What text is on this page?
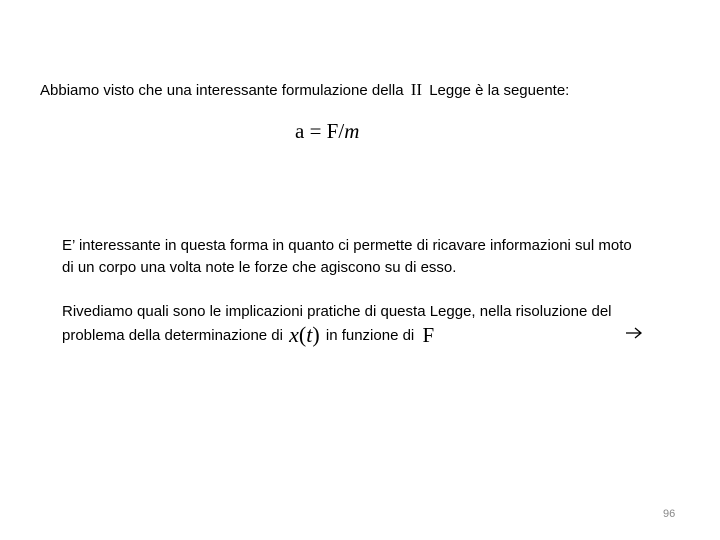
Abbiamo visto che una interessante formulazione della II Legge è la seguente:
a = F/m
E’ interessante in questa forma in quanto ci permette di ricavare informazioni sul moto
di un corpo una volta note le forze che agiscono su di esso.
Rivediamo quali sono le implicazioni pratiche di questa Legge, nella risoluzione del
problema della determinazione di x(t) in funzione di F
96
